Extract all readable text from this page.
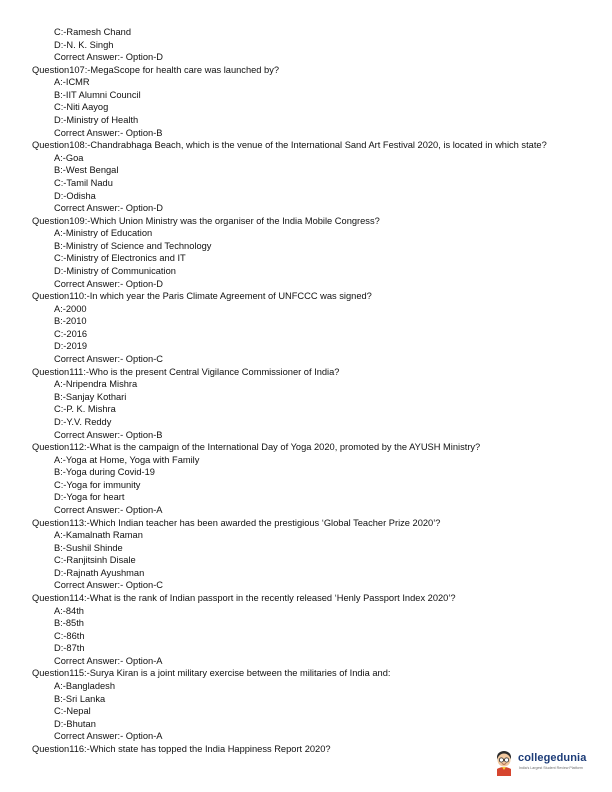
C:-Ramesh Chand
D:-N. K. Singh
Correct Answer:- Option-D
Question107:-MegaScope for health care was launched by?
A:-ICMR
B:-IIT Alumni Council
C:-Niti Aayog
D:-Ministry of Health
Correct Answer:- Option-B
Question108:-Chandrabhaga Beach, which is the venue of the International Sand Art Festival 2020, is located in which state?
A:-Goa
B:-West Bengal
C:-Tamil Nadu
D:-Odisha
Correct Answer:- Option-D
Question109:-Which Union Ministry was the organiser of the India Mobile Congress?
A:-Ministry of Education
B:-Ministry of Science and Technology
C:-Ministry of Electronics and IT
D:-Ministry of Communication
Correct Answer:- Option-D
Question110:-In which year the Paris Climate Agreement of UNFCCC was signed?
A:-2000
B:-2010
C:-2016
D:-2019
Correct Answer:- Option-C
Question111:-Who is the present Central Vigilance Commissioner of India?
A:-Nripendra Mishra
B:-Sanjay Kothari
C:-P. K. Mishra
D:-Y.V. Reddy
Correct Answer:- Option-B
Question112:-What is the campaign of the International Day of Yoga 2020, promoted by the AYUSH Ministry?
A:-Yoga at Home, Yoga with Family
B:-Yoga during Covid-19
C:-Yoga for immunity
D:-Yoga for heart
Correct Answer:- Option-A
Question113:-Which Indian teacher has been awarded the prestigious ‘Global Teacher Prize 2020’?
A:-Kamalnath Raman
B:-Sushil Shinde
C:-Ranjitsinh Disale
D:-Rajnath Ayushman
Correct Answer:- Option-C
Question114:-What is the rank of Indian passport in the recently released ‘Henly Passport Index 2020’?
A:-84th
B:-85th
C:-86th
D:-87th
Correct Answer:- Option-A
Question115:-Surya Kiran is a joint military exercise between the militaries of India and:
A:-Bangladesh
B:-Sri Lanka
C:-Nepal
D:-Bhutan
Correct Answer:- Option-A
Question116:-Which state has topped the India Happiness Report 2020?
collegedunia
India's Largest Student Review Platform
